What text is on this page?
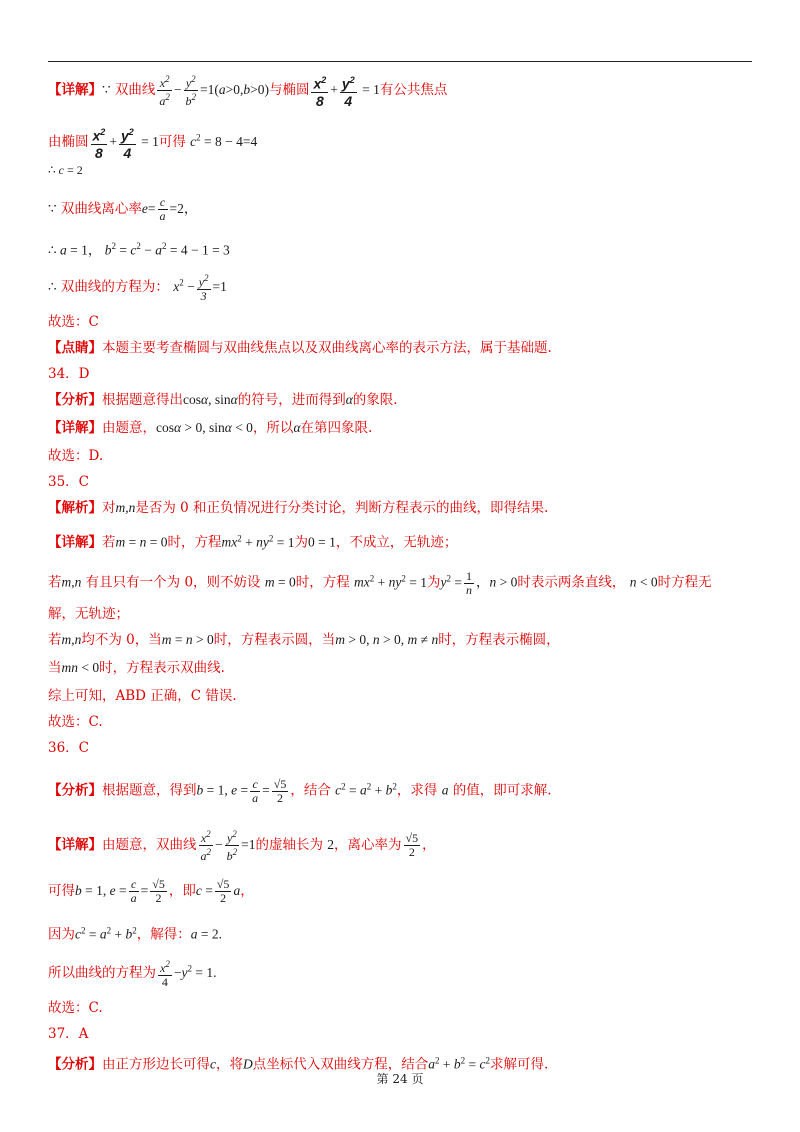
【详解】∵ 双曲线 $\frac{x^2}{a^2} - \frac{y^2}{b^2} =1(a>0,b>0)$与椭圆 $\frac{x^2}{8} + \frac{y^2}{4} = 1$有公共焦点
由椭圆 $\frac{x^2}{8} + \frac{y^2}{4} = 1$可得 $c^2 = 8 - 4=4$
∴ c = 2
∵ 双曲线离心率$e= \frac{c}{a} =2$，
∴ a = 1， $b^2 = c^2 - a^2 = 4 - 1 = 3$
∴ 双曲线的方程为： $x^2 - \frac{y^2}{3} =1$
故选：C
【点睛】本题主要考查椭圆与双曲线焦点以及双曲线离心率的表示方法，属于基础题.
34．D
【分析】根据题意得出cosα, sinα的符号，进而得到α的象限.
【详解】由题意，cosα > 0, sinα < 0，所以α在第四象限.
故选：D.
35．C
【解析】对m,n是否为 0 和正负情况进行分类讨论，判断方程表示的曲线，即得结果.
【详解】若m = n = 0时，方程$mx^2 + ny^2 = 1$为0 = 1，不成立，无轨迹；
若m,n 有且只有一个为 0，则不妨设 m = 0时，方程 $mx^2 + ny^2 = 1$为$y^2 = \frac{1}{n}$ ，n > 0时表示两条直线， n < 0时方程无
解，无轨迹；
若m,n均不为 0，当m = n > 0时，方程表示圆，当m > 0, n > 0, m ≠ n时，方程表示椭圆，
当mn < 0时，方程表示双曲线.
综上可知，ABD 正确，C 错误.
故选：C.
36．C
【分析】根据题意，得到b = 1, $e = \frac{c}{a} = \frac{√5}{2}$ ，结合 $c^2 = a^2 + b^2$，求得 a 的值，即可求解.
【详解】由题意，双曲线 $\frac{x^2}{a^2} - \frac{y^2}{b^2} =1$的虚轴长为 2，离心率为 $\frac{√5}{2}$ ，
可得b = 1, $e = \frac{c}{a} = \frac{√5}{2}$ ，即$c = \frac{√5}{2}$ a，
因为$c^2 = a^2 + b^2$，解得：a = 2.
所以曲线的方程为 $\frac{x^2}{4} -y^2 = 1$.
故选：C.
37．A
【分析】由正方形边长可得c，将D点坐标代入双曲线方程，结合$a^2 + b^2 = c^2$求解可得.
第 24 页
